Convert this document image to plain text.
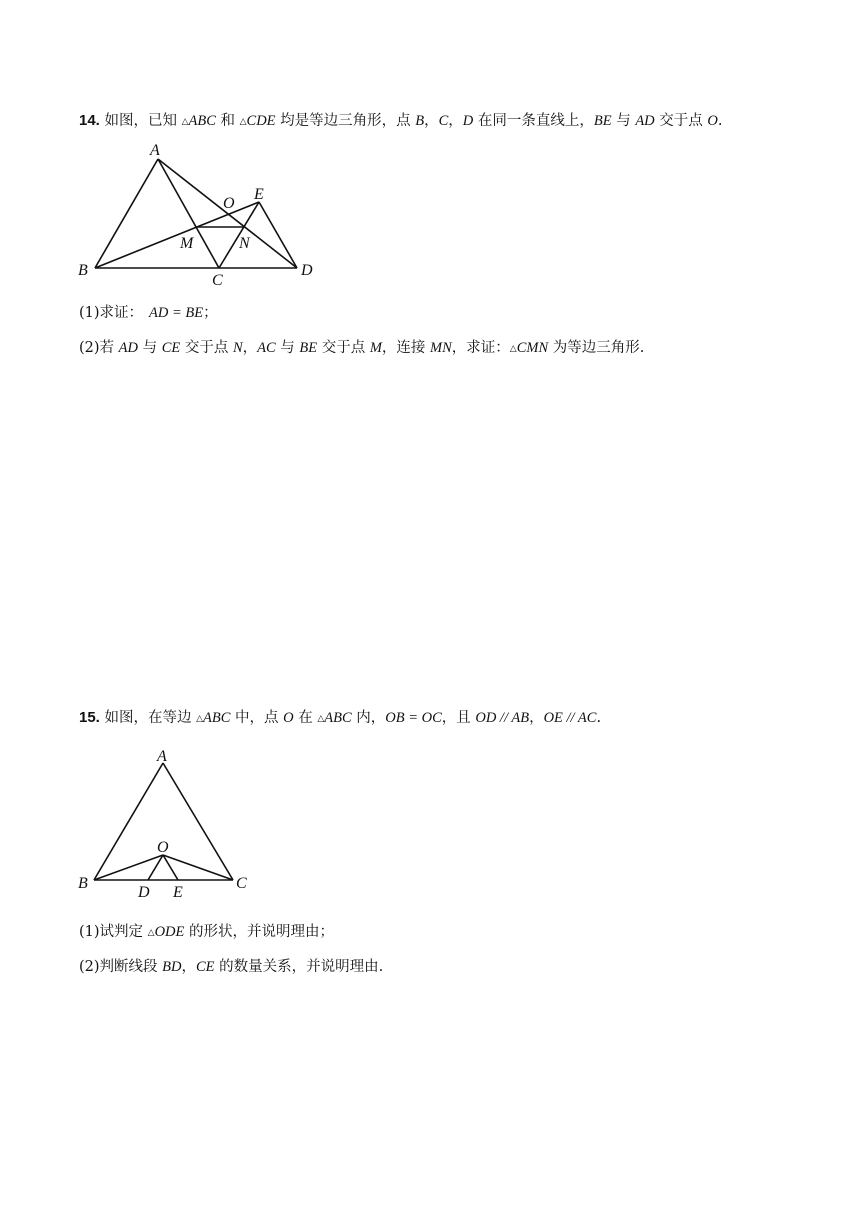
14. 如图，已知 △ABC 和 △CDE 均是等边三角形，点 B，C，D 在同一条直线上，BE 与 AD 交于点 O.
A
B
C
D
E
O
M	N
(1)求证： AD = BE；
(2)若 AD 与 CE 交于点 N，AC 与 BE 交于点 M，连接 MN，求证：△CMN 为等边三角形.
15. 如图，在等边 △ABC 中，点 O 在 △ABC 内，OB = OC，且 OD // AB，OE // AC.
A
B	C
D E
O
(1)试判定 △ODE 的形状，并说明理由；
(2)判断线段 BD，CE 的数量关系，并说明理由.
